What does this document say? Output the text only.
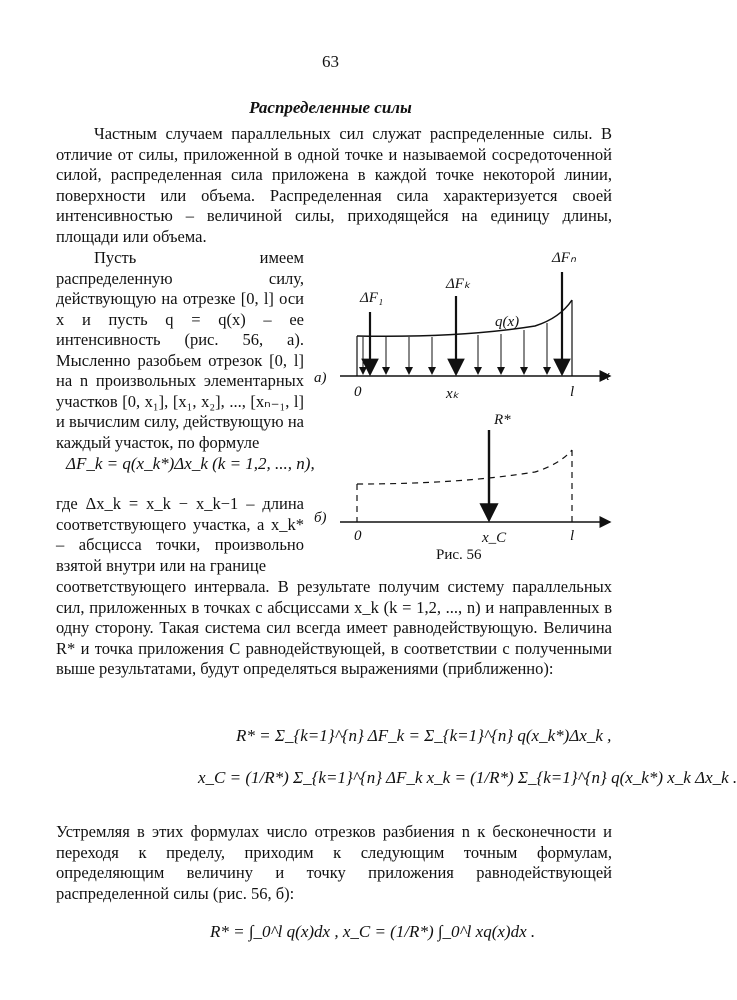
63
Распределенные силы

Частным случаем параллельных сил служат распределенные силы. В отличие от силы, приложенной в одной точке и называемой сосредоточенной силой, распределенная сила приложена в каждой точке некоторой линии, поверхности или объема. Распределенная сила характеризуется своей интенсивностью – величиной силы, приходящейся на единицу длины, площади или объема.

Пусть имеем распределенную силу, действующую на отрезке [0, l] оси x и пусть q = q(x) – ее интенсивность (рис. 56, а). Мысленно разобьем отрезок [0, l] на n произвольных элементарных участков [0, x₁], [x₁, x₂], ..., [xₙ₋₁, l] и вычислим силу, действующую на каждый участок, по формуле

ΔF_k = q(x_k*)Δx_k (k = 1,2, ..., n),

где Δx_k = x_k − x_k−1 – длина соответствующего участка, а x_k* – абсцисса точки, произвольно взятой внутри или на границе

соответствующего интервала. В результате получим систему параллельных сил, приложенных в точках с абсциссами x_k (k = 1,2, ..., n) и направленных в одну сторону. Такая система сил всегда имеет равнодействующую. Величина R* и точка приложения C равнодействующей, в соответствии с полученными выше результатами, будут определяться выражениями (приближенно):

R* = Σ_{k=1}^{n} ΔF_k = Σ_{k=1}^{n} q(x_k*)Δx_k ,
x_C = (1/R*) Σ_{k=1}^{n} ΔF_k x_k = (1/R*) Σ_{k=1}^{n} q(x_k*) x_k Δx_k .

Устремляя в этих формулах число отрезков разбиения n к бесконечности и переходя к пределу, приходим к следующим точным формулам, определяющим величину и точку приложения равнодействующей распределенной силы (рис. 56, б):

R* = ∫_0^l q(x)dx , x_C = (1/R*) ∫_0^l xq(x)dx .
ΔF₁
ΔFₖ
ΔFₙ
q(x)
а)	x
0	xₖ	l
R*
б)
0	x_C	l
Рис. 56
